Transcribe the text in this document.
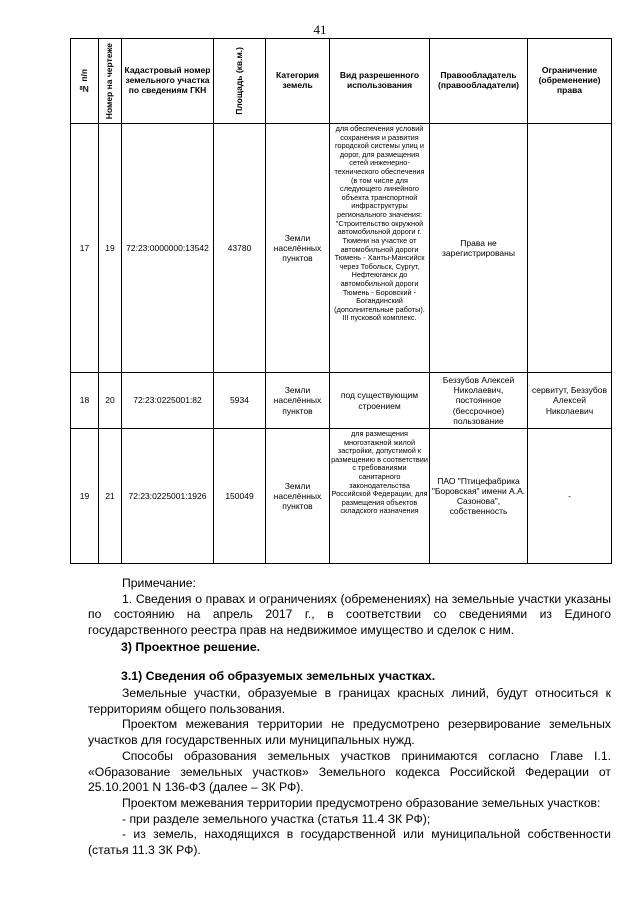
41
№ п/п	Номер на чертеже	Кадастровый номер земельного участка по сведениям ГКН	Площадь (кв.м.)	Категория земель	Вид разрешенного использования	Правообладатель (правообладатели)	Ограничение (обременение) права
17	19	72:23:0000000:13542	43780	Земли населённых пунктов	для обеспечения условий сохранения и развития городской системы улиц и дорог, для размещения сетей инженерно-технического обеспечения (в том числе для следующего линейного объекта транспортной инфраструктуры регионального значения: "Строительство окружной автомобильной дороги г. Тюмени на участке от автомобильной дороги Тюмень - Ханты-Мансийск через Тобольск, Сургут, Нефтеюганск до автомобильной дороги Тюмень - Боровский - Богандинский (дополнительные работы). III пусковой комплекс.	Права не зарегистрированы	
18	20	72:23:0225001:82	5934	Земли населённых пунктов	под существующим строением	Беззубов Алексей Николаевич, постоянное (бессрочное) пользование	сервитут, Беззубов Алексей Николаевич
19	21	72:23:0225001:1926	150049	Земли населённых пунктов	для размещения многоэтажной жилой застройки, допустимой к размещению в соответствии с требованиями санитарного законодательства Российской Федерации, для размещения объектов складского назначения	ПАО "Птицефабрика "Боровская" имени А.А. Сазонова", собственность	-

Примечание:

1. Сведения о правах и ограничениях (обременениях) на земельные участки указаны по состоянию на апрель 2017 г., в соответствии со сведениями из Единого государственного реестра прав на недвижимое имущество и сделок с ним.

3) Проектное решение.
3.1) Сведения об образуемых земельных участках.

Земельные участки, образуемые в границах красных линий, будут относиться к территориям общего пользования.

Проектом межевания территории не предусмотрено резервирование земельных участков для государственных или муниципальных нужд.

Способы образования земельных участков принимаются согласно Главе I.1. «Образование земельных участков» Земельного кодекса Российской Федерации от 25.10.2001 N 136-ФЗ (далее – ЗК РФ).

Проектом межевания территории предусмотрено образование земельных участков:

- при разделе земельного участка (статья 11.4 ЗК РФ);

- из земель, находящихся в государственной или муниципальной собственности (статья 11.3 ЗК РФ).
